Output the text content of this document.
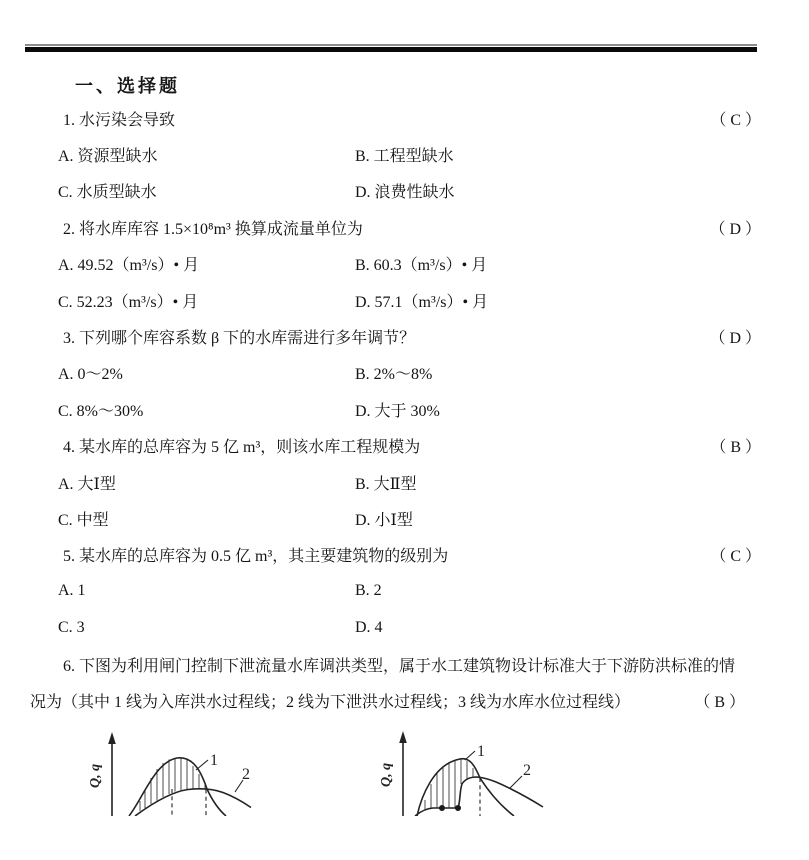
一、选择题
1. 水污染会导致	（ C ）
A. 资源型缺水	B. 工程型缺水
C. 水质型缺水	D. 浪费性缺水
2. 将水库库容 1.5×10⁸m³ 换算成流量单位为	（ D ）
A. 49.52（m³/s）• 月	B. 60.3（m³/s）• 月
C. 52.23（m³/s）• 月	D. 57.1（m³/s）• 月
3. 下列哪个库容系数 β 下的水库需进行多年调节？	（ D ）
A. 0～2%	B. 2%～8%
C. 8%～30%	D. 大于 30%
4. 某水库的总库容为 5 亿 m³，则该水库工程规模为	（ B ）
A. 大Ⅰ型	B. 大Ⅱ型
C. 中型	D. 小Ⅰ型
5. 某水库的总库容为 0.5 亿 m³，其主要建筑物的级别为	（ C ）
A. 1	B. 2
C. 3	D. 4
6. 下图为利用闸门控制下泄流量水库调洪类型，属于水工建筑物设计标准大于下游防洪标准的情
况为（其中 1 线为入库洪水过程线；2 线为下泄洪水过程线；3 线为水库水位过程线）	（ B ）
Q, q
1
2	Q, q
1
2
